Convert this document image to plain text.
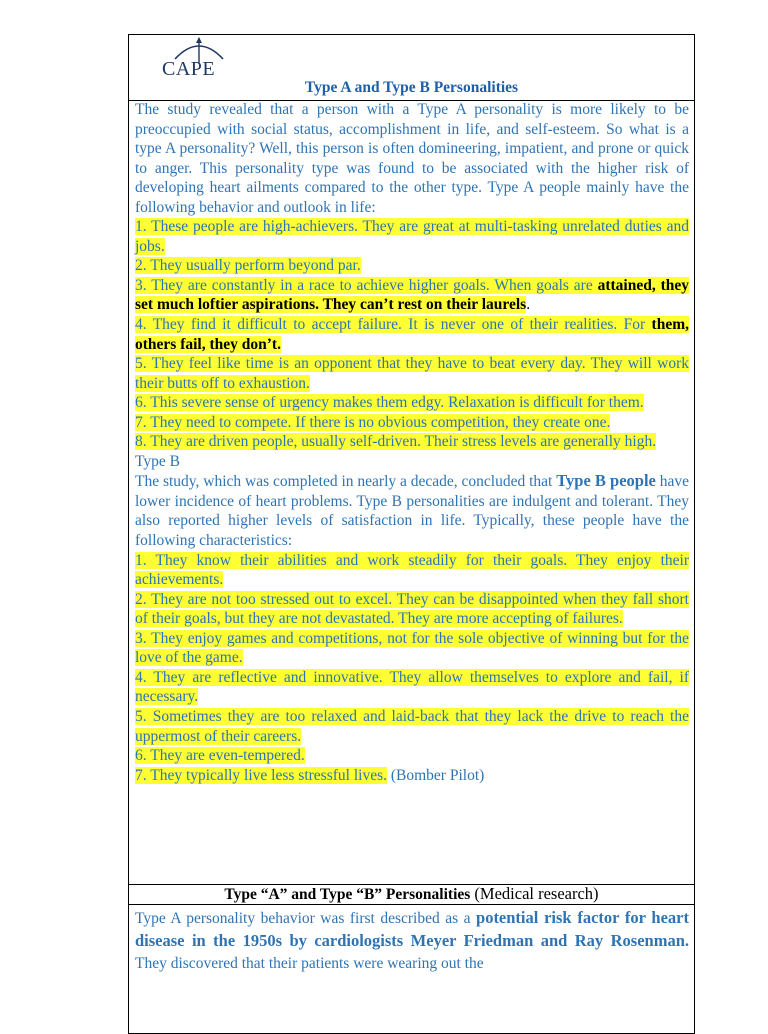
CAPE
Type A and Type B Personalities

The study revealed that a person with a Type A personality is more likely to be preoccupied with social status, accomplishment in life, and self-esteem. So what is a type A personality? Well, this person is often domineering, impatient, and prone or quick to anger. This personality type was found to be associated with the higher risk of developing heart ailments compared to the other type. Type A people mainly have the following behavior and outlook in life:

1. These people are high-achievers. They are great at multi-tasking unrelated duties and jobs.

2. They usually perform beyond par.

3. They are constantly in a race to achieve higher goals. When goals are attained, they set much loftier aspirations. They can’t rest on their laurels.

4. They find it difficult to accept failure. It is never one of their realities. For them, others fail, they don’t.

5. They feel like time is an opponent that they have to beat every day. They will work their butts off to exhaustion.

6. This severe sense of urgency makes them edgy. Relaxation is difficult for them.

7. They need to compete. If there is no obvious competition, they create one.

8. They are driven people, usually self-driven. Their stress levels are generally high.

Type B

The study, which was completed in nearly a decade, concluded that Type B people have lower incidence of heart problems. Type B personalities are indulgent and tolerant. They also reported higher levels of satisfaction in life. Typically, these people have the following characteristics:

1. They know their abilities and work steadily for their goals. They enjoy their achievements.

2. They are not too stressed out to excel. They can be disappointed when they fall short of their goals, but they are not devastated. They are more accepting of failures.

3. They enjoy games and competitions, not for the sole objective of winning but for the love of the game.

4. They are reflective and innovative. They allow themselves to explore and fail, if necessary.

5. Sometimes they are too relaxed and laid-back that they lack the drive to reach the uppermost of their careers.

6. They are even-tempered.

7. They typically live less stressful lives. (Bomber Pilot)

Type “A” and Type “B” Personalities (Medical research)
Type A personality behavior was first described as a potential risk factor for heart disease in the 1950s by cardiologists Meyer Friedman and Ray Rosenman. They discovered that their patients were wearing out the
